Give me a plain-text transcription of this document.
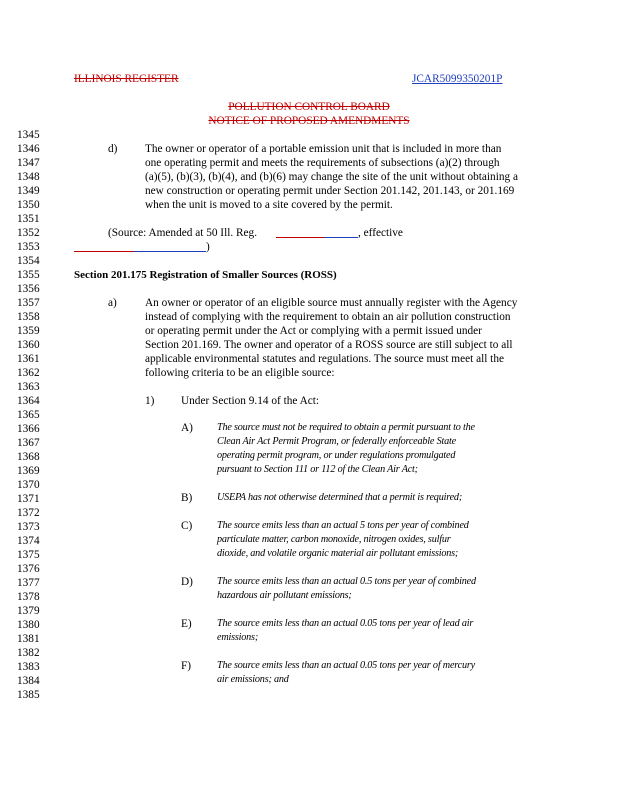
ILLINOIS REGISTER	JCAR5099350201P
POLLUTION CONTROL BOARD
NOTICE OF PROPOSED AMENDMENTS
1345
1346
1347
1348
1349
1350
1351
1352
1353
1354
1355
1356
1357
1358
1359
1360
1361
1362
1363
1364
1365
1366
1367
1368
1369
1370
1371
1372
1373
1374
1375
1376
1377
1378
1379
1380
1381
1382
1383
1384
1385
d) The owner or operator of a portable emission unit that is included in more than
one operating permit and meets the requirements of subsections (a)(2) through
(a)(5), (b)(3), (b)(4), and (b)(6) may change the site of the unit without obtaining a
new construction or operating permit under Section 201.142, 201.143, or 201.169
when the unit is moved to a site covered by the permit.
(Source: Amended at 50 Ill. Reg.	, effective
)
Section 201.175 Registration of Smaller Sources (ROSS)
a) An owner or operator of an eligible source must annually register with the Agency
instead of complying with the requirement to obtain an air pollution construction
or operating permit under the Act or complying with a permit issued under
Section 201.169. The owner and operator of a ROSS source are still subject to all
applicable environmental statutes and regulations. The source must meet all the
following criteria to be an eligible source:
1) Under Section 9.14 of the Act:
A) The source must not be required to obtain a permit pursuant to the
Clean Air Act Permit Program, or federally enforceable State
operating permit program, or under regulations promulgated
pursuant to Section 111 or 112 of the Clean Air Act;
B) USEPA has not otherwise determined that a permit is required;
C) The source emits less than an actual 5 tons per year of combined
particulate matter, carbon monoxide, nitrogen oxides, sulfur
dioxide, and volatile organic material air pollutant emissions;
D) The source emits less than an actual 0.5 tons per year of combined
hazardous air pollutant emissions;
E) The source emits less than an actual 0.05 tons per year of lead air
emissions;
F)	The source emits less than an actual 0.05 tons per year of mercury
air emissions; and
